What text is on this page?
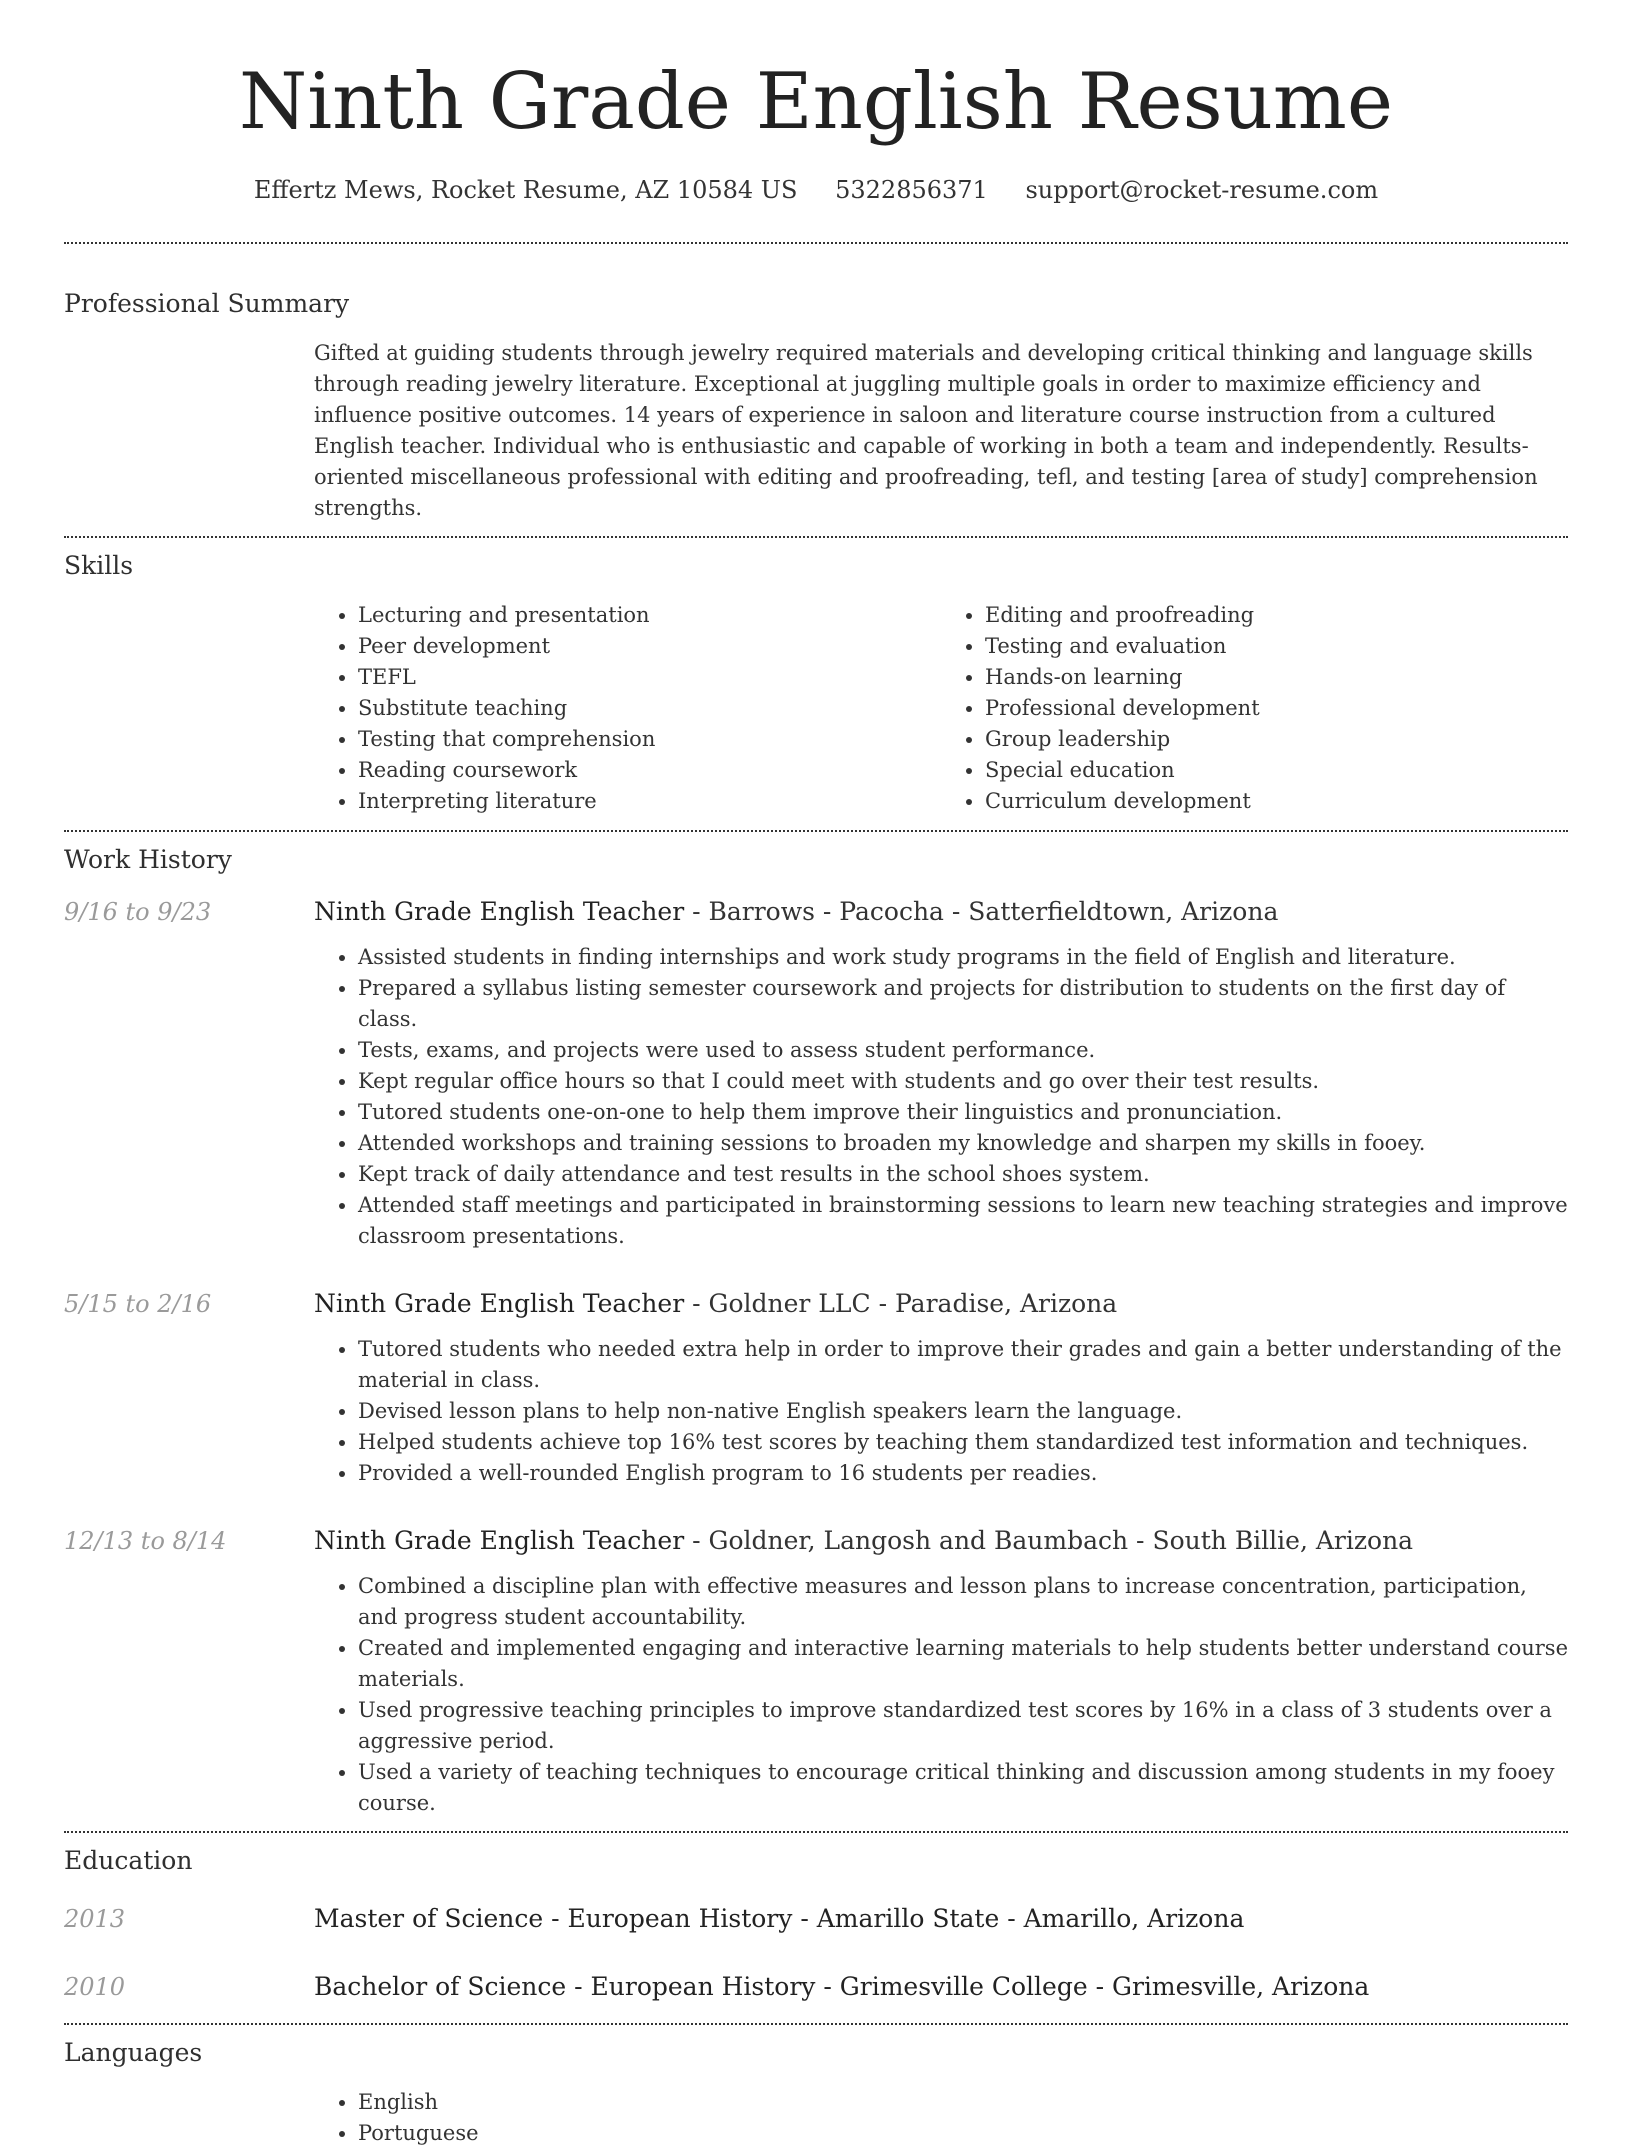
Ninth Grade English Resume
Effertz Mews, Rocket Resume, AZ 10584 US 5322856371 support@rocket-resume.com
Professional Summary

Gifted at guiding students through jewelry required materials and developing critical thinking and language skills through reading jewelry literature. Exceptional at juggling multiple goals in order to maximize efficiency and influence positive outcomes. 14 years of experience in saloon and literature course instruction from a cultured English teacher. Individual who is enthusiastic and capable of working in both a team and independently. Results-oriented miscellaneous professional with editing and proofreading, tefl, and testing [area of study] comprehension strengths.

Skills
• Lecturing and presentation
• Peer development
• TEFL
• Substitute teaching
• Testing that comprehension
• Reading coursework
• Interpreting literature
• Editing and proofreading
• Testing and evaluation
• Hands-on learning
• Professional development
• Group leadership
• Special education
• Curriculum development
Work History
9/16 to 9/23	Ninth Grade English Teacher - Barrows - Pacocha - Satterfieldtown, Arizona
• Assisted students in finding internships and work study programs in the field of English and literature.
• Prepared a syllabus listing semester coursework and projects for distribution to students on the first day of class.
• Tests, exams, and projects were used to assess student performance.
• Kept regular office hours so that I could meet with students and go over their test results.
• Tutored students one-on-one to help them improve their linguistics and pronunciation.
• Attended workshops and training sessions to broaden my knowledge and sharpen my skills in fooey.
• Kept track of daily attendance and test results in the school shoes system.
• Attended staff meetings and participated in brainstorming sessions to learn new teaching strategies and improve classroom presentations.
5/15 to 2/16	Ninth Grade English Teacher - Goldner LLC - Paradise, Arizona
• Tutored students who needed extra help in order to improve their grades and gain a better understanding of the material in class.
• Devised lesson plans to help non-native English speakers learn the language.
• Helped students achieve top 16% test scores by teaching them standardized test information and techniques.
• Provided a well-rounded English program to 16 students per readies.
12/13 to 8/14	Ninth Grade English Teacher - Goldner, Langosh and Baumbach - South Billie, Arizona
• Combined a discipline plan with effective measures and lesson plans to increase concentration, participation, and progress student accountability.
• Created and implemented engaging and interactive learning materials to help students better understand course materials.
• Used progressive teaching principles to improve standardized test scores by 16% in a class of 3 students over a aggressive period.
• Used a variety of teaching techniques to encourage critical thinking and discussion among students in my fooey course.
Education
2013	Master of Science - European History - Amarillo State - Amarillo, Arizona
2010	Bachelor of Science - European History - Grimesville College - Grimesville, Arizona
Languages
• English
• Portuguese
